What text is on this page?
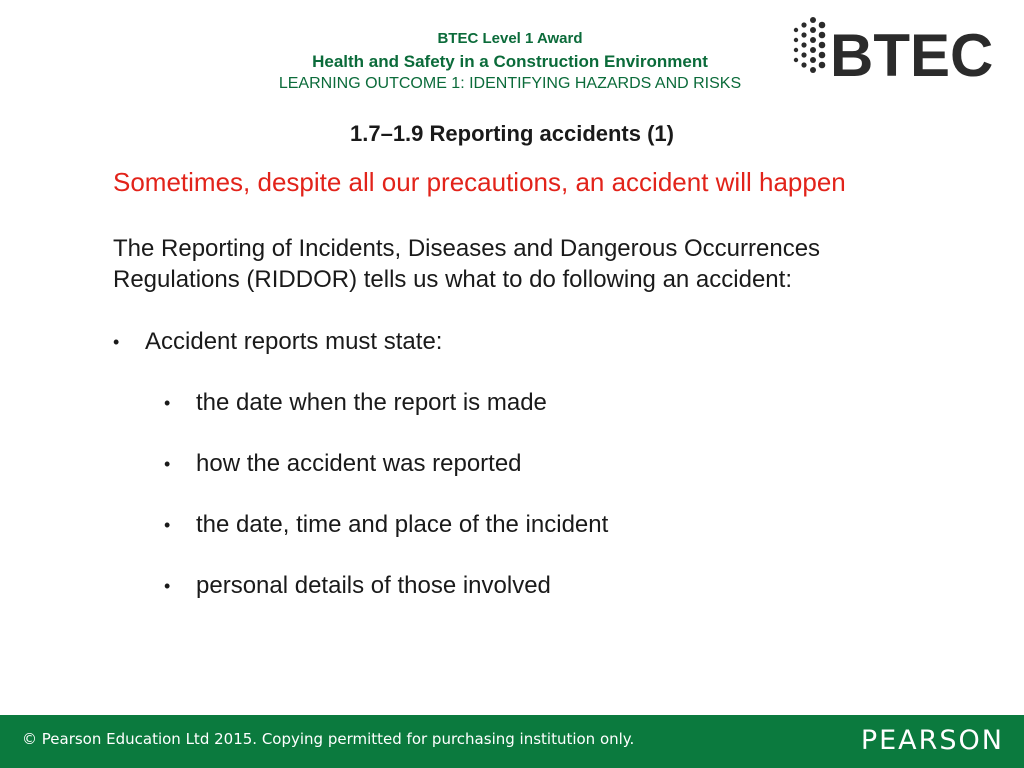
BTEC Level 1 Award
Health and Safety in a Construction Environment
LEARNING OUTCOME 1: IDENTIFYING HAZARDS AND RISKS	BTEC
1.7–1.9 Reporting accidents (1)
Sometimes, despite all our precautions, an accident will happen
The Reporting of Incidents, Diseases and Dangerous Occurrences Regulations (RIDDOR) tells us what to do following an accident:
• Accident reports must state:
• the date when the report is made
• how the accident was reported
• the date, time and place of the incident
• personal details of those involved
© Pearson Education Ltd 2015. Copying permitted for purchasing institution only.	PEARSON
